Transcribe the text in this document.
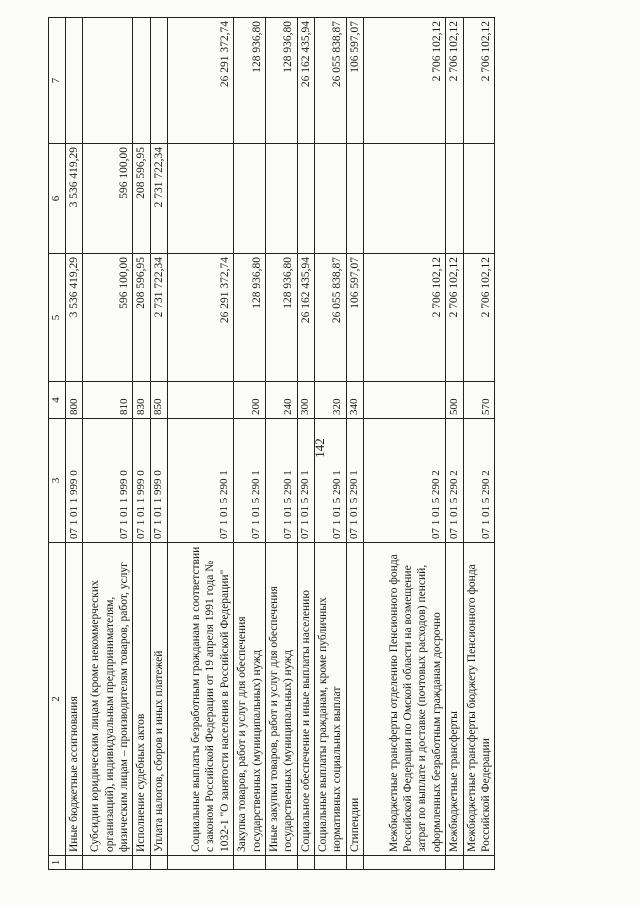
142
1	2	3	4	5	6	7
	Иные бюджетные ассигнования	07 1 01 1 999 0	800	3 536 419,29	3 536 419,29	
	Субсидии юридическим лицам (кроме некоммерческих организаций), индивидуальным предпринимателям, физическим лицам – производителям товаров, работ, услуг	07 1 01 1 999 0	810	596 100,00	596 100,00	
	Исполнение судебных актов	07 1 01 1 999 0	830	208 596,95	208 596,95	
	Уплата налогов, сборов и иных платежей	07 1 01 1 999 0	850	2 731 722,34	2 731 722,34	
	Социальные выплаты безработным гражданам в соответствии с законом Российской Федерации от 19 апреля 1991 года № 1032-1 "О занятости населения в Российской Федерации"	07 1 01 5 290 1		26 291 372,74		26 291 372,74
	Закупка товаров, работ и услуг для обеспечения государственных (муниципальных) нужд	07 1 01 5 290 1	200	128 936,80		128 936,80
	Иные закупки товаров, работ и услуг для обеспечения государственных (муниципальных) нужд	07 1 01 5 290 1	240	128 936,80		128 936,80
	Социальное обеспечение и иные выплаты населению	07 1 01 5 290 1	300	26 162 435,94		26 162 435,94
	Социальные выплаты гражданам, кроме публичных нормативных социальных выплат	07 1 01 5 290 1	320	26 055 838,87		26 055 838,87
	Стипендии	07 1 01 5 290 1	340	106 597,07		106 597,07
	Межбюджетные трансферты отделению Пенсионного фонда Российской Федерации по Омской области на возмещение затрат по выплате и доставке (почтовых расходов) пенсий, оформленных безработным гражданам досрочно	07 1 01 5 290 2		2 706 102,12		2 706 102,12
	Межбюджетные трансферты	07 1 01 5 290 2	500	2 706 102,12		2 706 102,12
	Межбюджетные трансферты бюджету Пенсионного фонда Российской Федерации	07 1 01 5 290 2	570	2 706 102,12		2 706 102,12
